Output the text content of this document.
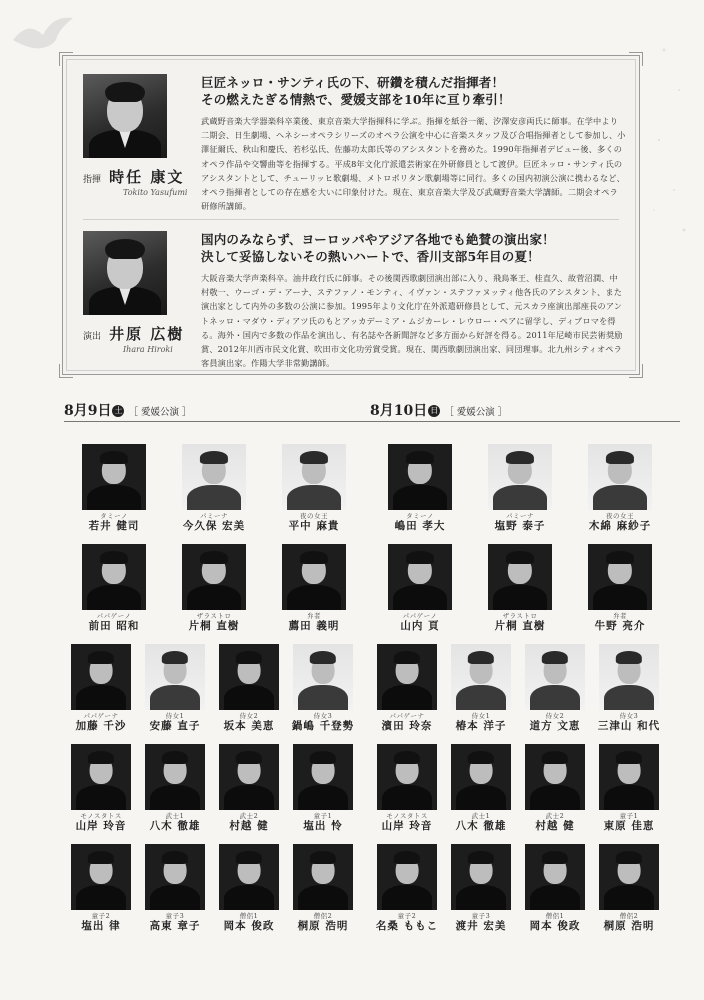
指揮 時任 康文
Tokito Yasufumi
巨匠ネッロ・サンティ氏の下、研鑽を積んだ指揮者！
その燃えたぎる情熱で、愛媛支部を10年に亘り牽引！

武蔵野音楽大学器楽科卒業後、東京音楽大学指揮科に学ぶ。指揮を紙谷一衛、汐澤安彦両氏に師事。在学中より二期会、日生劇場、ヘネシーオペラシリーズのオペラ公演を中心に音楽スタッフ及び合唱指揮者として参加し、小澤征爾氏、秋山和慶氏、若杉弘氏、佐藤功太郎氏等のアシスタントを務めた。1990年指揮者デビュー後、多くのオペラ作品や交響曲等を指揮する。平成8年文化庁派遣芸術家在外研修員として渡伊。巨匠ネッロ・サンティ氏のアシスタントとして、チューリッヒ歌劇場、メトロポリタン歌劇場等に同行。多くの国内初演公演に携わるなど、オペラ指揮者としての存在感を大いに印象付けた。現在、東京音楽大学及び武蔵野音楽大学講師。二期会オペラ研修所講師。

演出 井原 広樹
Ihara Hiroki
国内のみならず、ヨーロッパやアジア各地でも絶賛の演出家！
決して妥協しないその熱いハートで、香川支部5年目の夏！

大阪音楽大学声楽科卒。油井政行氏に師事。その後関西歌劇団演出部に入り、飛鳥峯王、桂直久、故菅沼潤、中村敬一、ウーゴ・デ・アーナ、ステファノ・モンティ、イヴァン・ステファヌッティ他各氏のアシスタント、また演出家として内外の多数の公演に参加。1995年より文化庁在外派遣研修員として、元スカラ座演出部座長のアントネッロ・マダウ・ディアツ氏のもとアッカデーミア・ムジカーレ・レウロー・ペアに留学し、ディプロマを得る。海外・国内で多数の作品を演出し、有名誌や各新聞評など多方面から好評を得る。2011年尼崎市民芸術奨励賞、2012年川西市民文化賞、吹田市文化功労賞受賞。現在、関西歌劇団演出家、同団理事。北九州シティオペラ客員演出家。作陽大学非常勤講師。

8月9日 土 ［ 愛媛公演 ］
タミーノ
若井 健司
パミーナ
今久保 宏美
夜の女王
平中 麻貴
パパゲーノ
前田 昭和
ザラストロ
片桐 直樹
弁者
薦田 義明
パパゲーナ
加藤 千沙
侍女1
安藤 直子
侍女2
坂本 美恵
侍女3
鍋嶋 千登勢
モノスタトス
山岸 玲音
武士1
八木 徹雄
武士2
村越 健
童子1
塩出 怜
童子2
塩出 律
童子3
高東 章子
僧侶1
岡本 俊政
僧侶2
桐原 浩明
8月10日 日 ［ 愛媛公演 ］
タミーノ
嶋田 孝大
パミーナ
塩野 泰子
夜の女王
木綿 麻紗子
パパゲーノ
山内 頁
ザラストロ
片桐 直樹
弁者
牛野 亮介
パパゲーナ
濱田 玲奈
侍女1
椿本 洋子
侍女2
道方 文恵
侍女3
三津山 和代
モノスタトス
山岸 玲音
武士1
八木 徹雄
武士2
村越 健
童子1
東原 佳恵
童子2
名桑 ももこ
童子3
渡井 宏美
僧侶1
岡本 俊政
僧侶2
桐原 浩明
